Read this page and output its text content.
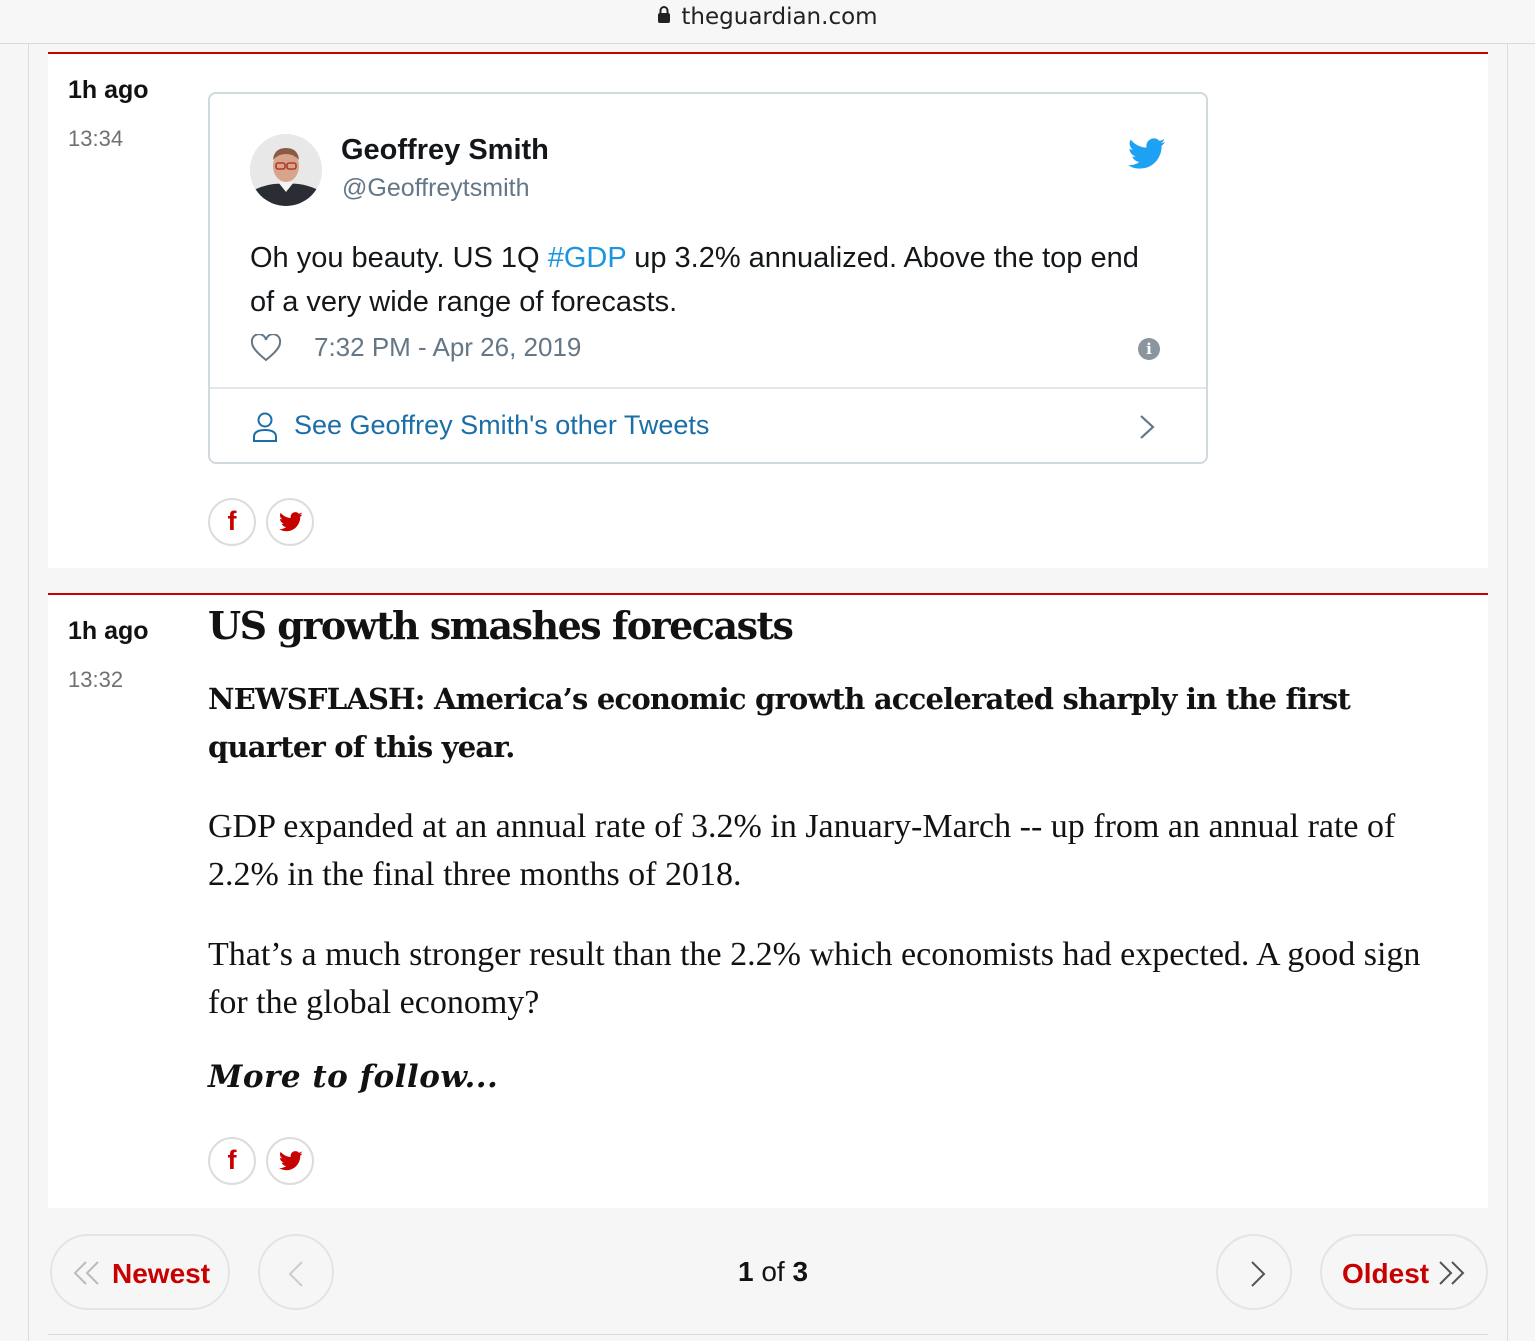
theguardian.com
1h ago
13:34	Geoffrey Smith
@Geoffreytsmith
Oh you beauty. US 1Q #GDP up 3.2% annualized. Above the top end of a very wide range of forecasts.
7:32 PM - Apr 26, 2019	i
See Geoffrey Smith's other Tweets
f
1h ago
13:32
US growth smashes forecasts
NEWSFLASH: America’s economic growth accelerated sharply in the first quarter of this year.
GDP expanded at an annual rate of 3.2% in January-March -- up from an annual rate of 2.2% in the final three months of 2018.
That’s a much stronger result than the 2.2% which economists had expected. A good sign for the global economy?
More to follow...
f
Newest	1 of 3	Oldest
